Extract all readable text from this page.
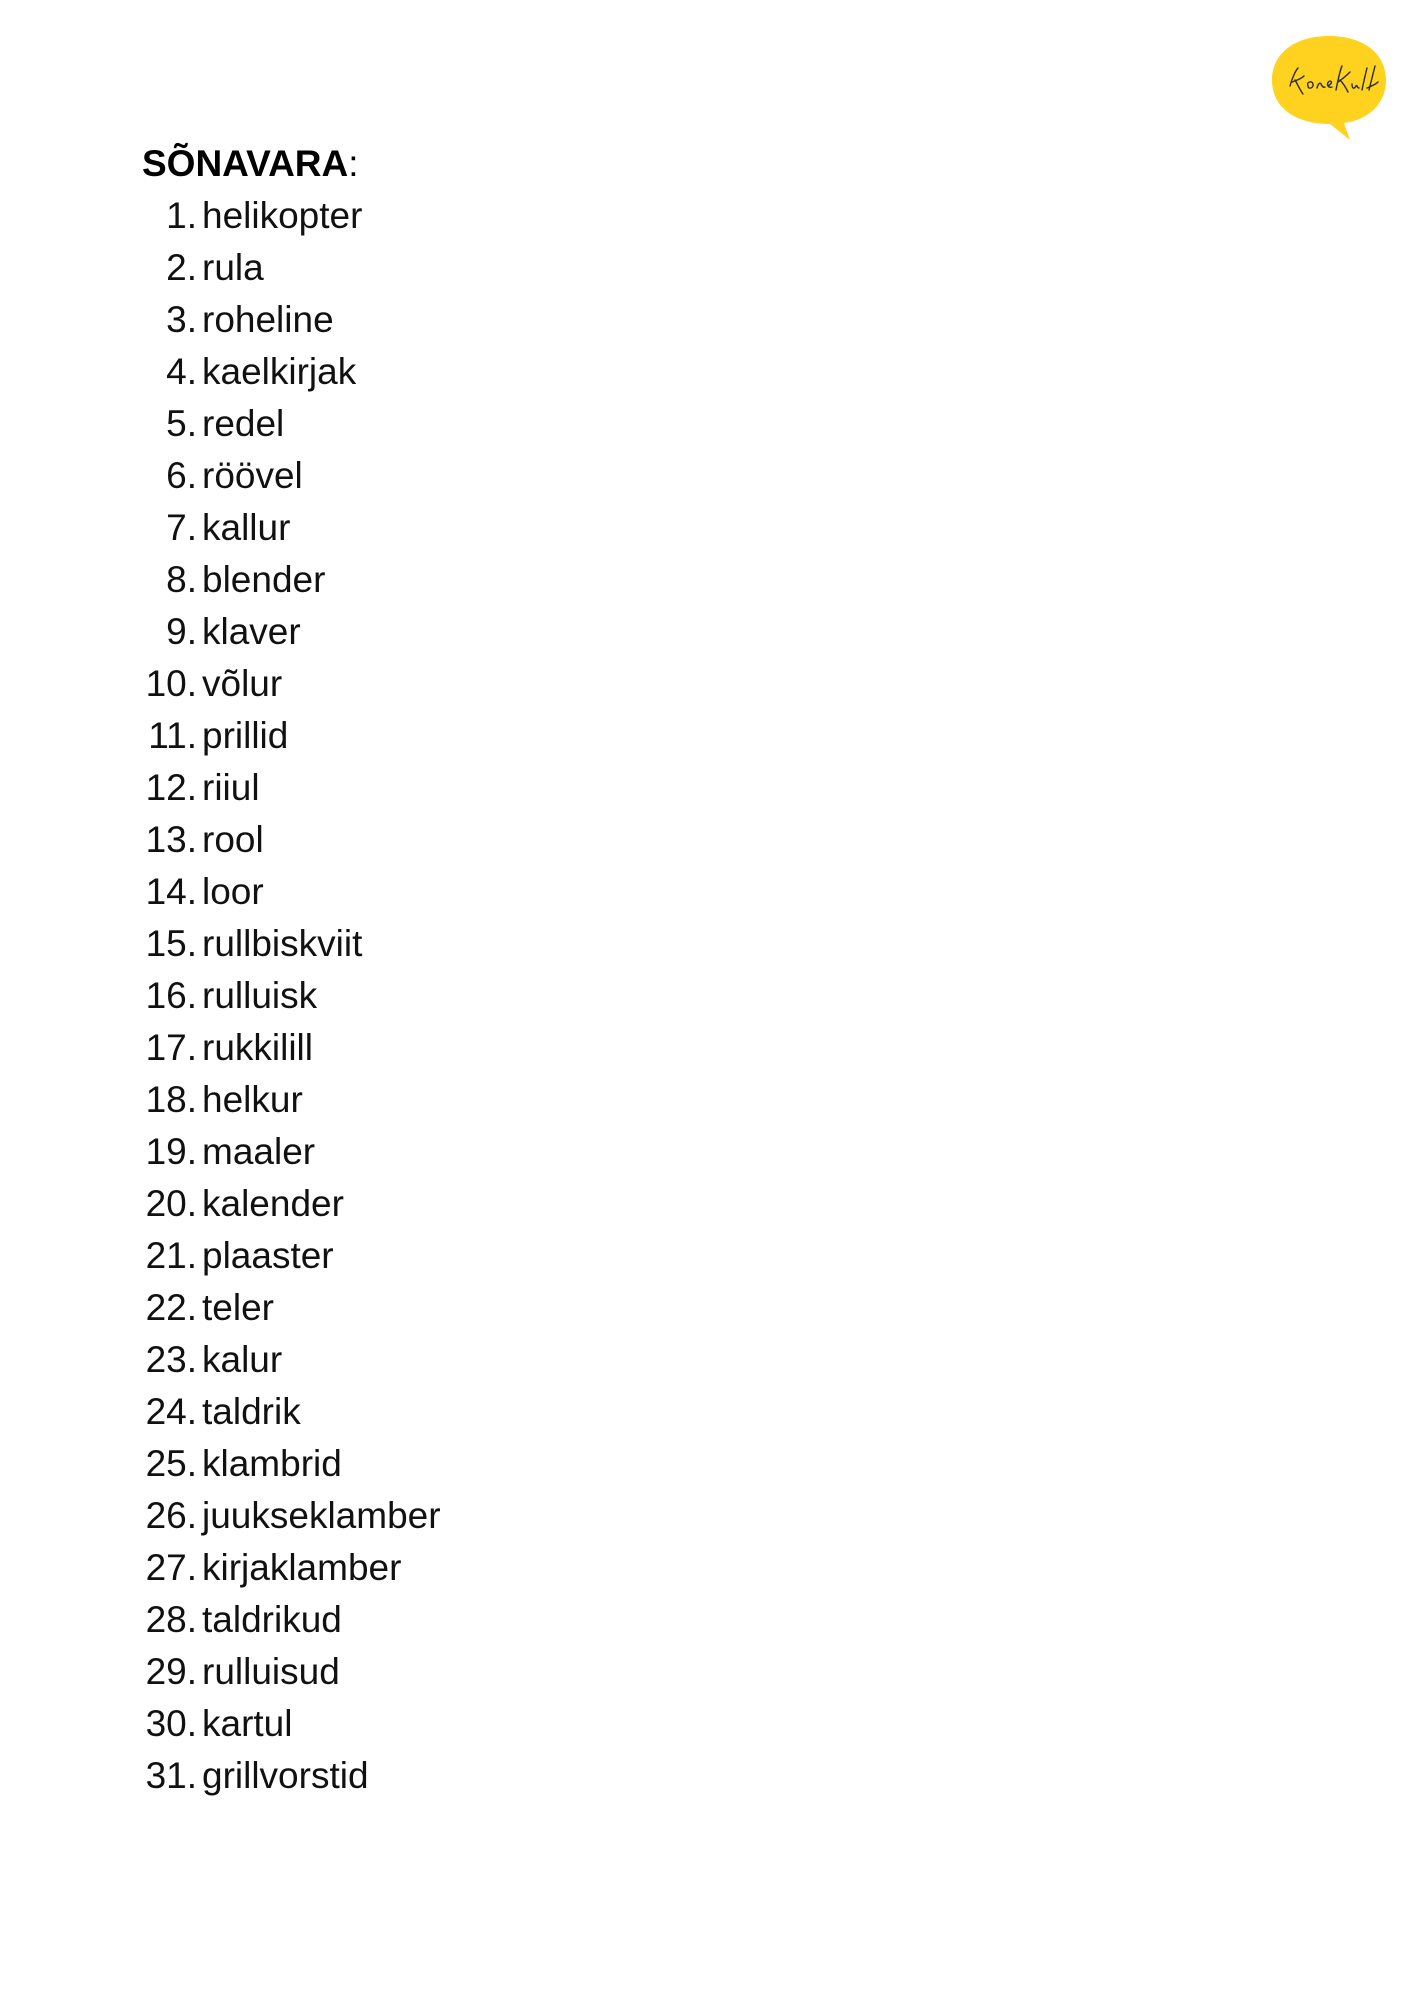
SÕNAVARA:
1. helikopter
2. rula
3. roheline
4. kaelkirjak
5. redel
6. röövel
7. kallur
8. blender
9. klaver
10. võlur
11. prillid
12. riiul
13. rool
14. loor
15. rullbiskviit
16. rulluisk
17. rukkilill
18. helkur
19. maaler
20. kalender
21. plaaster
22. teler
23. kalur
24. taldrik
25. klambrid
26. juukseklamber
27. kirjaklamber
28. taldrikud
29. rulluisud
30. kartul
31. grillvorstid
